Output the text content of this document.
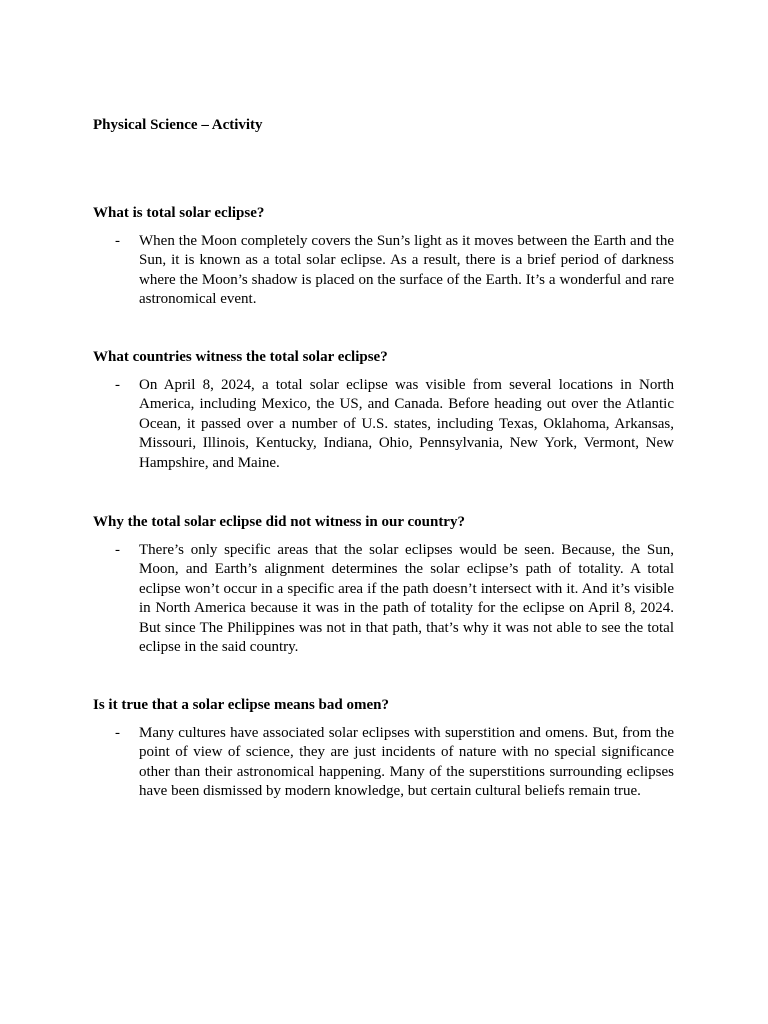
Physical Science – Activity

What is total solar eclipse?

- When the Moon completely covers the Sun’s light as it moves between the Earth and the Sun, it is known as a total solar eclipse. As a result, there is a brief period of darkness where the Moon’s shadow is placed on the surface of the Earth. It’s a wonderful and rare astronomical event.

What countries witness the total solar eclipse?

- On April 8, 2024, a total solar eclipse was visible from several locations in North America, including Mexico, the US, and Canada. Before heading out over the Atlantic Ocean, it passed over a number of U.S. states, including Texas, Oklahoma, Arkansas, Missouri, Illinois, Kentucky, Indiana, Ohio, Pennsylvania, New York, Vermont, New Hampshire, and Maine.

Why the total solar eclipse did not witness in our country?

- There’s only specific areas that the solar eclipses would be seen. Because, the Sun, Moon, and Earth’s alignment determines the solar eclipse’s path of totality. A total eclipse won’t occur in a specific area if the path doesn’t intersect with it. And it’s visible in North America because it was in the path of totality for the eclipse on April 8, 2024. But since The Philippines was not in that path, that’s why it was not able to see the total eclipse in the said country.

Is it true that a solar eclipse means bad omen?

- Many cultures have associated solar eclipses with superstition and omens. But, from the point of view of science, they are just incidents of nature with no special significance other than their astronomical happening. Many of the superstitions surrounding eclipses have been dismissed by modern knowledge, but certain cultural beliefs remain true.
